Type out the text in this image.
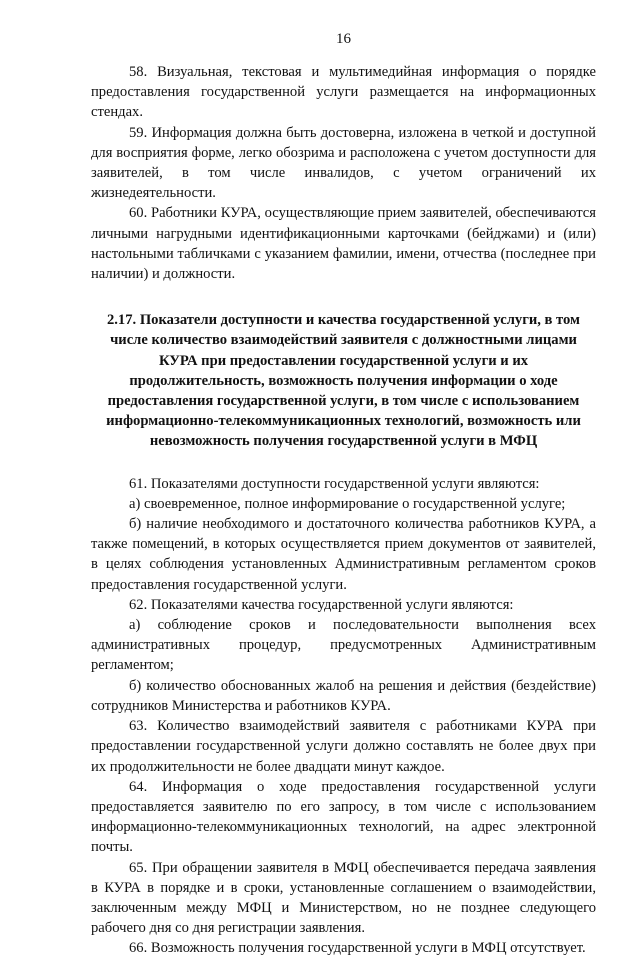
16

58. Визуальная, текстовая и мультимедийная информация о порядке предоставления государственной услуги размещается на информационных стендах.

59. Информация должна быть достоверна, изложена в четкой и доступной для восприятия форме, легко обозрима и расположена с учетом доступности для заявителей, в том числе инвалидов, с учетом ограничений их жизнедеятельности.

60. Работники КУРА, осуществляющие прием заявителей, обеспечиваются личными нагрудными идентификационными карточками (бейджами) и (или) настольными табличками с указанием фамилии, имени, отчества (последнее при наличии) и должности.

2.17. Показатели доступности и качества государственной услуги, в том числе количество взаимодействий заявителя с должностными лицами КУРА при предоставлении государственной услуги и их продолжительность, возможность получения информации о ходе предоставления государственной услуги, в том числе с использованием информационно-телекоммуникационных технологий, возможность или невозможность получения государственной услуги в МФЦ

61. Показателями доступности государственной услуги являются:

а) своевременное, полное информирование о государственной услуге;

б) наличие необходимого и достаточного количества работников КУРА, а также помещений, в которых осуществляется прием документов от заявителей, в целях соблюдения установленных Административным регламентом сроков предоставления государственной услуги.

62. Показателями качества государственной услуги являются:

а) соблюдение сроков и последовательности выполнения всех административных процедур, предусмотренных Административным регламентом;

б) количество обоснованных жалоб на решения и действия (бездействие) сотрудников Министерства и работников КУРА.

63. Количество взаимодействий заявителя с работниками КУРА при предоставлении государственной услуги должно составлять не более двух при их продолжительности не более двадцати минут каждое.

64. Информация о ходе предоставления государственной услуги предоставляется заявителю по его запросу, в том числе с использованием информационно-телекоммуникационных технологий, на адрес электронной почты.

65. При обращении заявителя в МФЦ обеспечивается передача заявления в КУРА в порядке и в сроки, установленные соглашением о взаимодействии, заключенным между МФЦ и Министерством, но не позднее следующего рабочего дня со дня регистрации заявления.

66. Возможность получения государственной услуги в МФЦ отсутствует.
